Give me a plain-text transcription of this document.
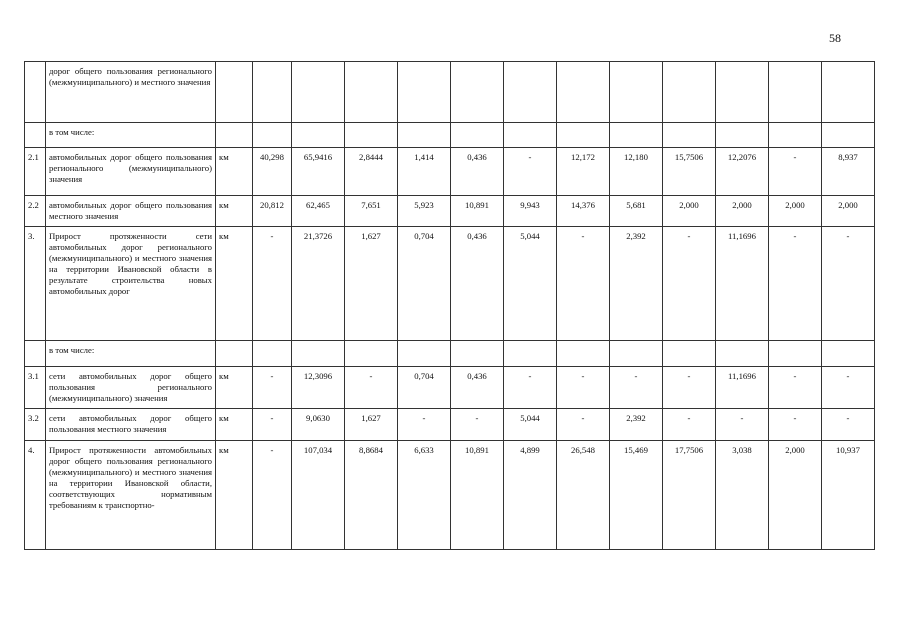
58
	дорог общего пользования регионального (межмуниципального) и местного значения													
	в том числе:													
2.1	автомобильных дорог общего пользования регионального (межмуниципального) значения	км	40,298	65,9416	2,8444	1,414	0,436	-	12,172	12,180	15,7506	12,2076	-	8,937
2.2	автомобильных дорог общего пользования местного значения	км	20,812	62,465	7,651	5,923	10,891	9,943	14,376	5,681	2,000	2,000	2,000	2,000
3.	Прирост протяженности сети автомобильных дорог регионального (межмуниципального) и местного значения на территории Ивановской области в результате строительства новых автомобильных дорог	км	-	21,3726	1,627	0,704	0,436	5,044	-	2,392	-	11,1696	-	-
	в том числе:													
3.1	сети автомобильных дорог общего пользования регионального (межмуниципального) значения	км	-	12,3096	-	0,704	0,436	-	-	-	-	11,1696	-	-
3.2	сети автомобильных дорог общего пользования местного значения	км	-	9,0630	1,627	-	-	5,044	-	2,392	-	-	-	-
4.	Прирост протяженности автомобильных дорог общего пользования регионального (межмуниципального) и местного значения на территории Ивановской области, соответствующих нормативным требованиям к транспортно-	км	-	107,034	8,8684	6,633	10,891	4,899	26,548	15,469	17,7506	3,038	2,000	10,937
